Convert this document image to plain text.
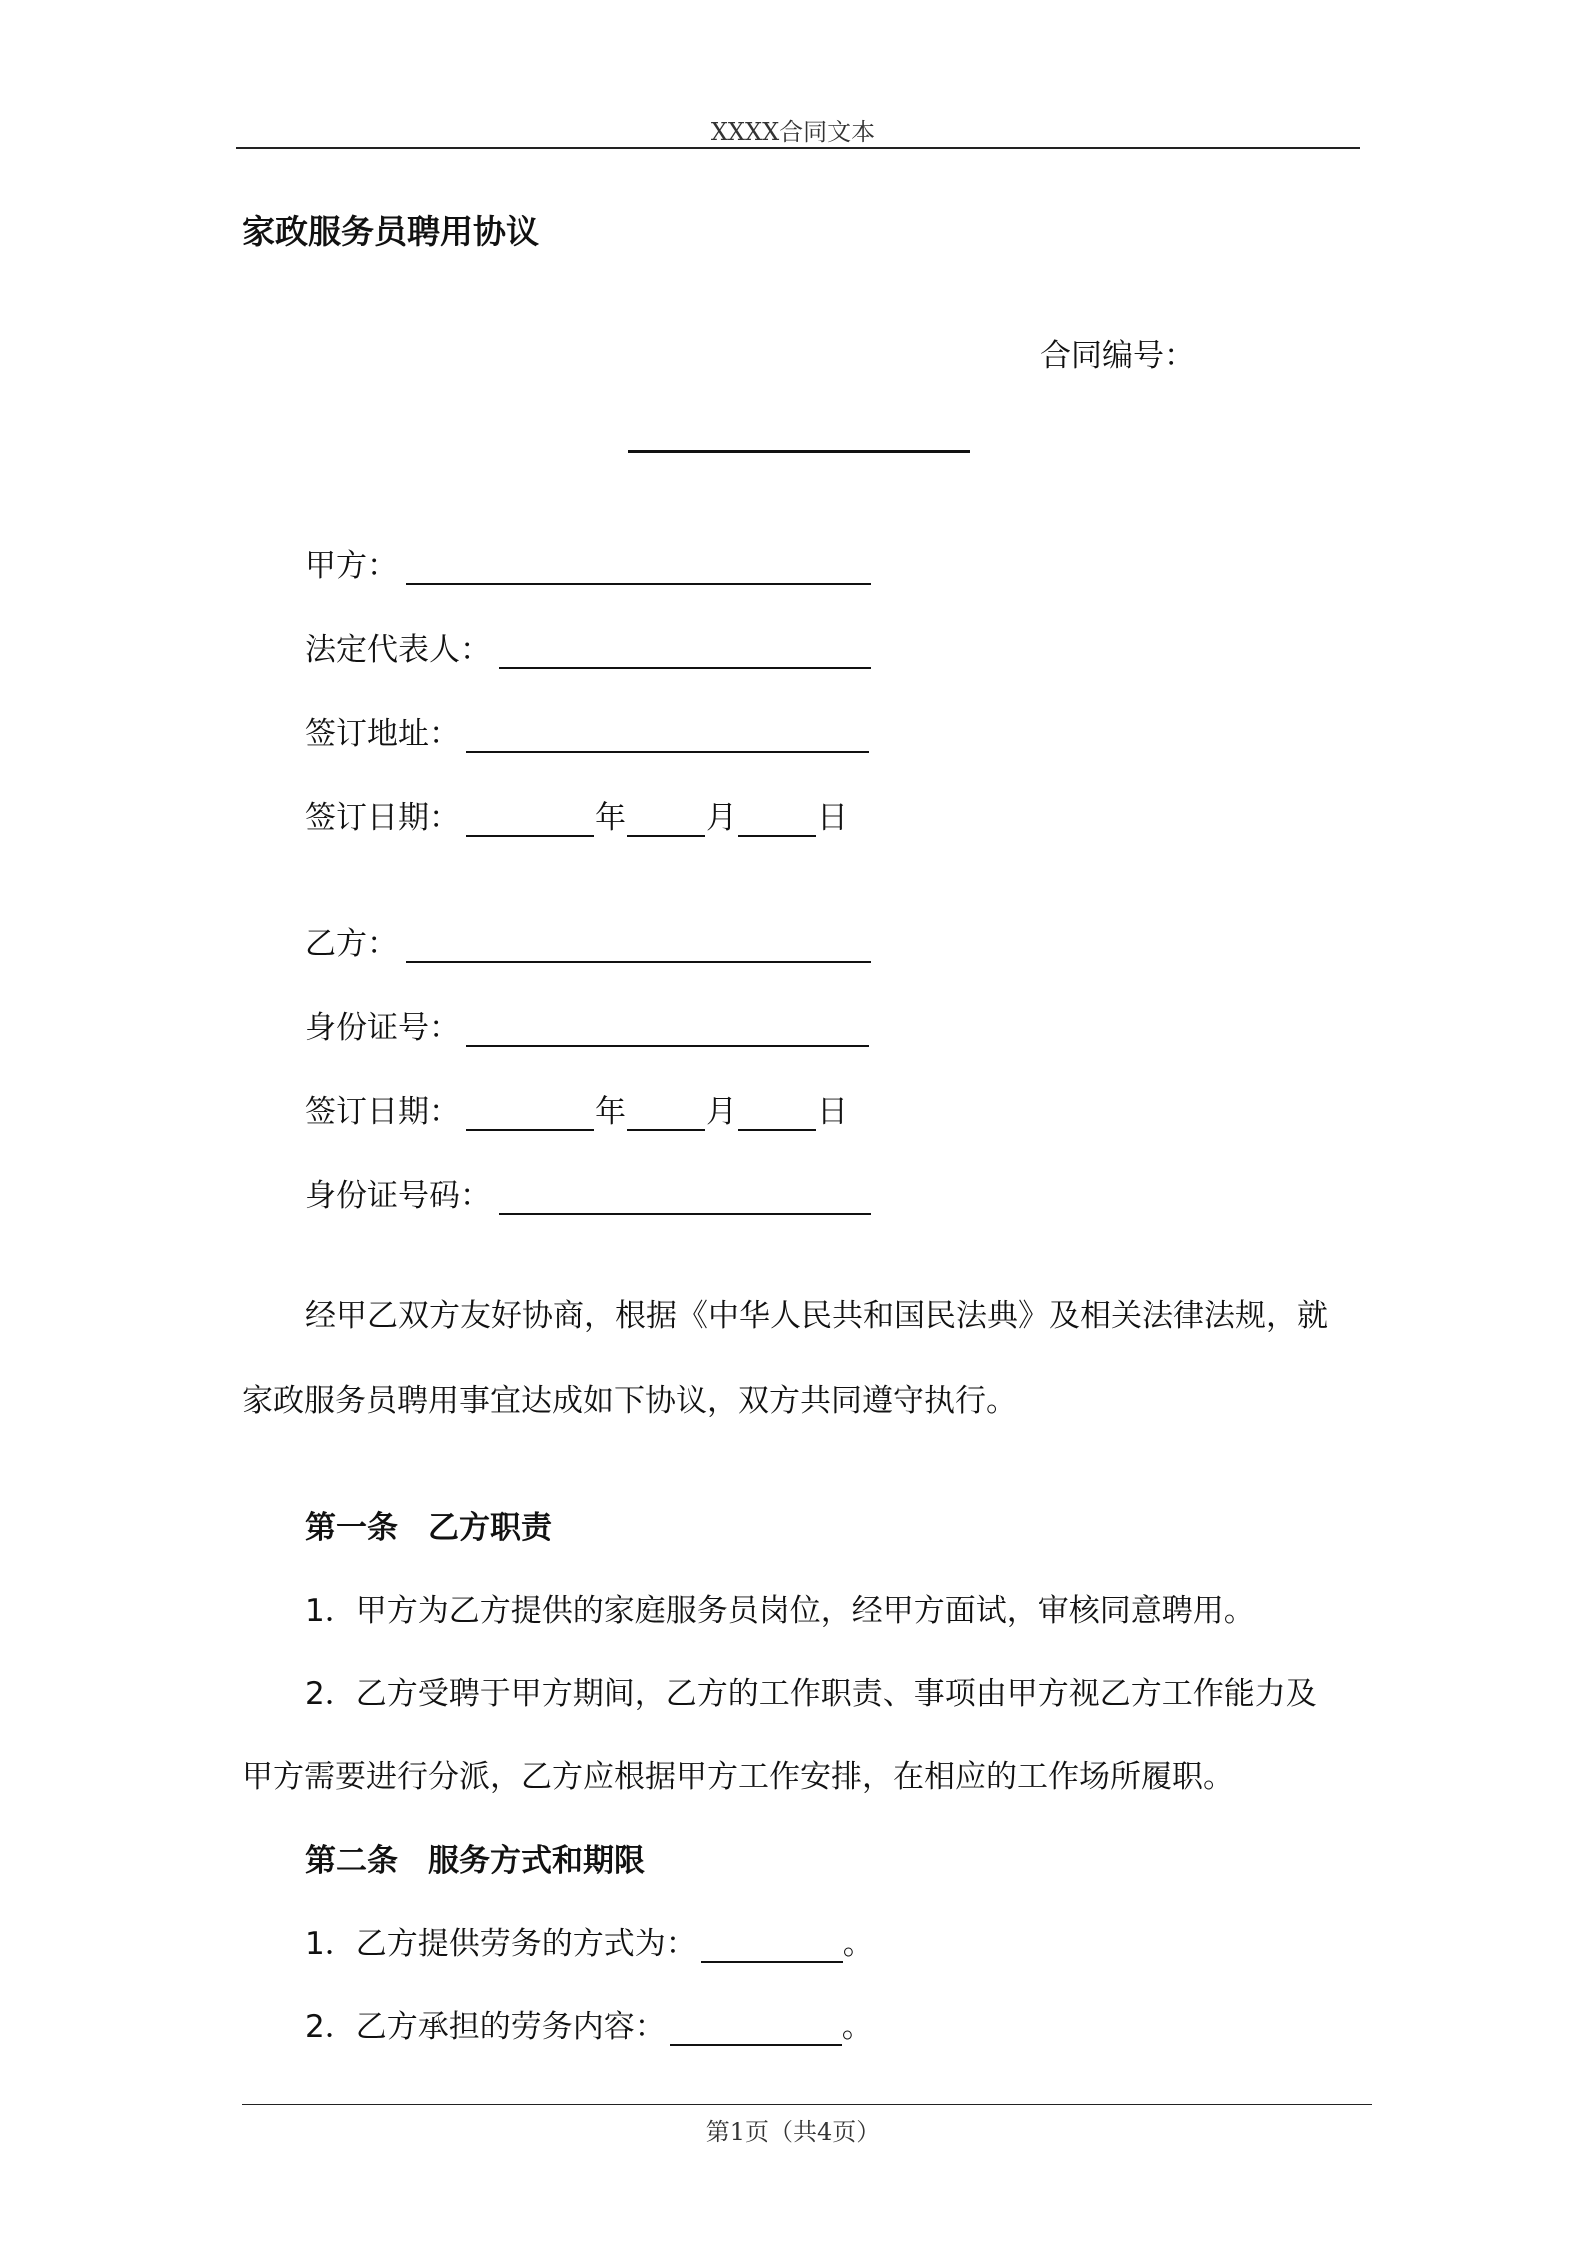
XXXX合同文本
家政服务员聘用协议
合同编号：
甲方：
法定代表人：
签订地址：
签订日期：	年	月	日
乙方：
身份证号：
签订日期：	年	月	日
身份证号码：
经甲乙双方友好协商，根据《中华人民共和国民法典》及相关法律法规，就
家政服务员聘用事宜达成如下协议，双方共同遵守执行。
第一条 乙方职责
1．甲方为乙方提供的家庭服务员岗位，经甲方面试，审核同意聘用。
2．乙方受聘于甲方期间，乙方的工作职责、事项由甲方视乙方工作能力及
甲方需要进行分派，乙方应根据甲方工作安排，在相应的工作场所履职。
第二条 服务方式和期限
1．乙方提供劳务的方式为：	。
2．乙方承担的劳务内容：	。
第1页（共4页）
